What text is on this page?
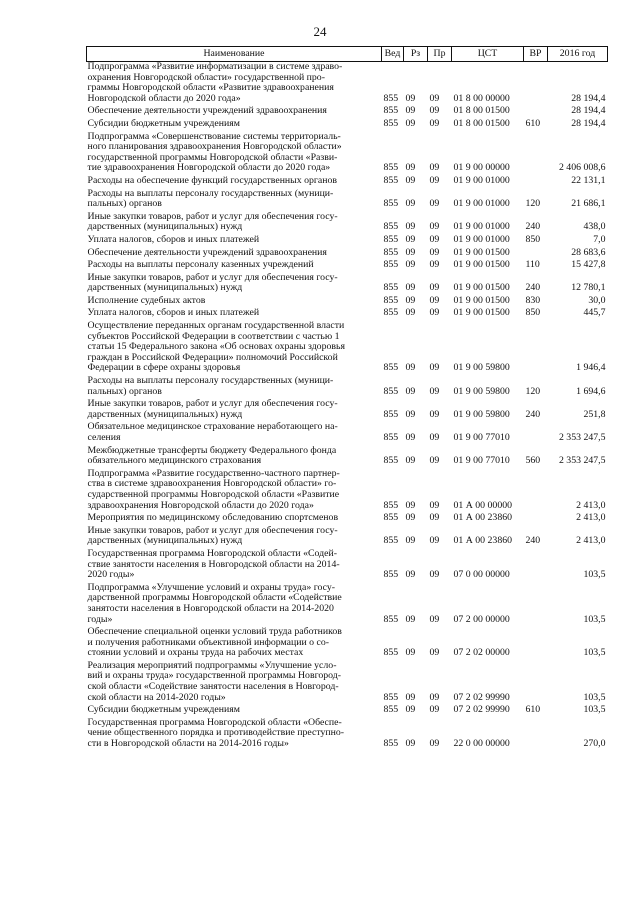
24
Наименование	Вед	Рз	Пр	ЦСТ	ВР	2016 год
Подпрограмма «Развитие информатизации в системе здраво-
охранения Новгородской области» государственной про-
граммы Новгородской области «Развитие здравоохранения
Новгородской области до 2020 года»	855	09	09	01 8 00 00000		28 194,4
Обеспечение деятельности учреждений здравоохранения	855	09	09	01 8 00 01500		28 194,4
Субсидии бюджетным учреждениям	855	09	09	01 8 00 01500	610	28 194,4
Подпрограмма «Совершенствование системы территориаль-
ного планирования здравоохранения Новгородской области»
государственной программы Новгородской области «Разви-
тие здравоохранения Новгородской области до 2020 года»	855	09	09	01 9 00 00000		2 406 008,6
Расходы на обеспечение функций государственных органов	855	09	09	01 9 00 01000		22 131,1
Расходы на выплаты персоналу государственных (муници-
пальных) органов	855	09	09	01 9 00 01000	120	21 686,1
Иные закупки товаров, работ и услуг для обеспечения госу-
дарственных (муниципальных) нужд	855	09	09	01 9 00 01000	240	438,0
Уплата налогов, сборов и иных платежей	855	09	09	01 9 00 01000	850	7,0
Обеспечение деятельности учреждений здравоохранения	855	09	09	01 9 00 01500		28 683,6
Расходы на выплаты персоналу казенных учреждений	855	09	09	01 9 00 01500	110	15 427,8
Иные закупки товаров, работ и услуг для обеспечения госу-
дарственных (муниципальных) нужд	855	09	09	01 9 00 01500	240	12 780,1
Исполнение судебных актов	855	09	09	01 9 00 01500	830	30,0
Уплата налогов, сборов и иных платежей	855	09	09	01 9 00 01500	850	445,7
Осуществление переданных органам государственной власти
субъектов Российской Федерации в соответствии с частью 1
статьи 15 Федерального закона «Об основах охраны здоровья
граждан в Российской Федерации» полномочий Российской
Федерации в сфере охраны здоровья	855	09	09	01 9 00 59800		1 946,4
Расходы на выплаты персоналу государственных (муници-
пальных) органов	855	09	09	01 9 00 59800	120	1 694,6
Иные закупки товаров, работ и услуг для обеспечения госу-
дарственных (муниципальных) нужд	855	09	09	01 9 00 59800	240	251,8
Обязательное медицинское страхование неработающего на-
селения	855	09	09	01 9 00 77010		2 353 247,5
Межбюджетные трансферты бюджету Федерального фонда
обязательного медицинского страхования	855	09	09	01 9 00 77010	560	2 353 247,5
Подпрограмма «Развитие государственно-частного партнер-
ства в системе здравоохранения Новгородской области» го-
сударственной программы Новгородской области «Развитие
здравоохранения Новгородской области до 2020 года»	855	09	09	01 А 00 00000		2 413,0
Мероприятия по медицинскому обследованию спортсменов	855	09	09	01 А 00 23860		2 413,0
Иные закупки товаров, работ и услуг для обеспечения госу-
дарственных (муниципальных) нужд	855	09	09	01 А 00 23860	240	2 413,0
Государственная программа Новгородской области «Содей-
ствие занятости населения в Новгородской области на 2014-
2020 годы»	855	09	09	07 0 00 00000		103,5
Подпрограмма «Улучшение условий и охраны труда» госу-
дарственной программы Новгородской области «Содействие
занятости населения в Новгородской области на 2014-2020
годы»	855	09	09	07 2 00 00000		103,5
Обеспечение специальной оценки условий труда работников
и получения работниками объективной информации о со-
стоянии условий и охраны труда на рабочих местах	855	09	09	07 2 02 00000		103,5
Реализация мероприятий подпрограммы «Улучшение усло-
вий и охраны труда» государственной программы Новгород-
ской области «Содействие занятости населения в Новгород-
ской области на 2014-2020 годы»	855	09	09	07 2 02 99990		103,5
Субсидии бюджетным учреждениям	855	09	09	07 2 02 99990	610	103,5
Государственная программа Новгородской области «Обеспе-
чение общественного порядка и противодействие преступно-
сти в Новгородской области на 2014-2016 годы»	855	09	09	22 0 00 00000		270,0
